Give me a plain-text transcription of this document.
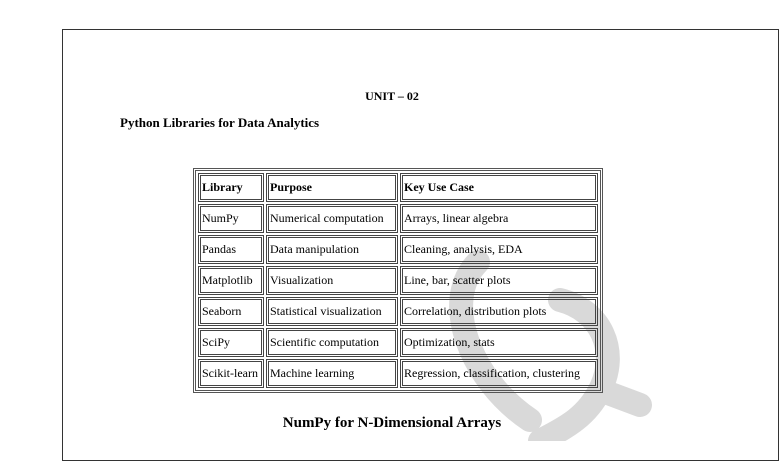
UNIT – 02
Python Libraries for Data Analytics
Library	Purpose	Key Use Case
NumPy	Numerical computation	Arrays, linear algebra
Pandas	Data manipulation	Cleaning, analysis, EDA
Matplotlib	Visualization	Line, bar, scatter plots
Seaborn	Statistical visualization	Correlation, distribution plots
SciPy	Scientific computation	Optimization, stats
Scikit-learn	Machine learning	Regression, classification, clustering
NumPy for N-Dimensional Arrays
